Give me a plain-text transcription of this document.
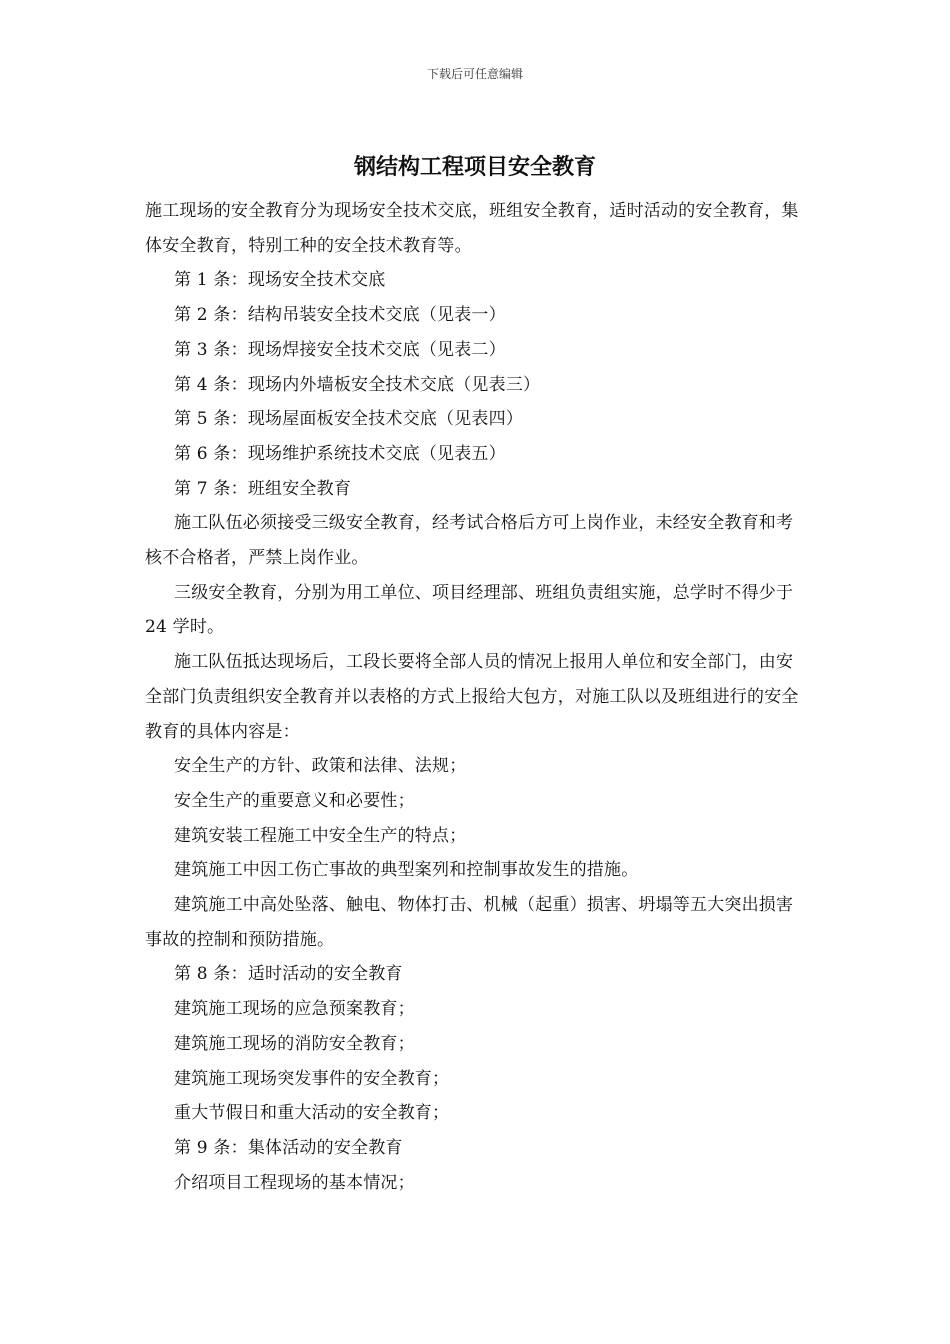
下载后可任意编辑
钢结构工程项目安全教育

施工现场的安全教育分为现场安全技术交底，班组安全教育，适时活动的安全教育，集体安全教育，特别工种的安全技术教育等。

第 1 条：现场安全技术交底

第 2 条：结构吊装安全技术交底（见表一）

第 3 条：现场焊接安全技术交底（见表二）

第 4 条：现场内外墙板安全技术交底（见表三）

第 5 条：现场屋面板安全技术交底（见表四）

第 6 条：现场维护系统技术交底（见表五）

第 7 条：班组安全教育

施工队伍必须接受三级安全教育，经考试合格后方可上岗作业，未经安全教育和考核不合格者，严禁上岗作业。

三级安全教育，分别为用工单位、项目经理部、班组负责组实施，总学时不得少于 24 学时。

施工队伍抵达现场后，工段长要将全部人员的情况上报用人单位和安全部门，由安全部门负责组织安全教育并以表格的方式上报给大包方，对施工队以及班组进行的安全教育的具体内容是：

安全生产的方针、政策和法律、法规；

安全生产的重要意义和必要性；

建筑安装工程施工中安全生产的特点；

建筑施工中因工伤亡事故的典型案列和控制事故发生的措施。

建筑施工中高处坠落、触电、物体打击、机械（起重）损害、坍塌等五大突出损害事故的控制和预防措施。

第 8 条：适时活动的安全教育

建筑施工现场的应急预案教育；

建筑施工现场的消防安全教育；

建筑施工现场突发事件的安全教育；

重大节假日和重大活动的安全教育；

第 9 条：集体活动的安全教育

介绍项目工程现场的基本情况；
